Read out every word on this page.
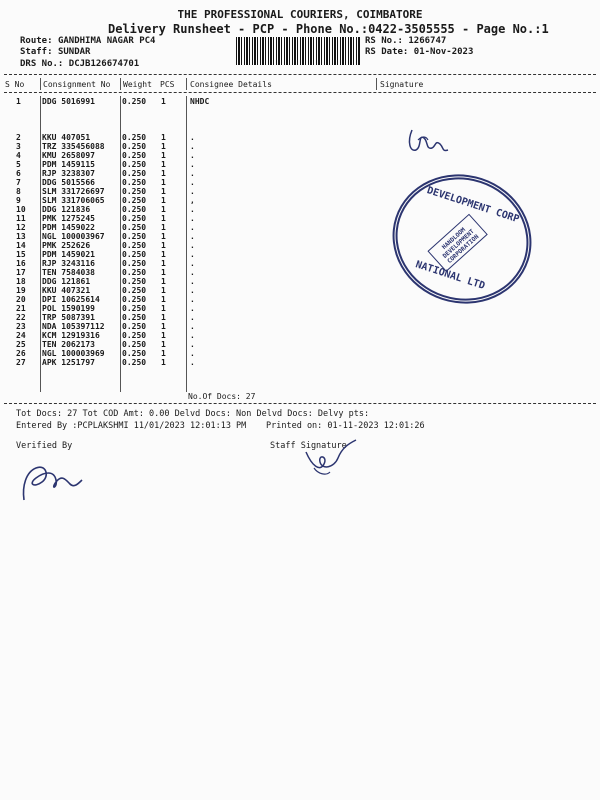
THE PROFESSIONAL COURIERS, COIMBATORE
Delivery Runsheet - PCP - Phone No.:0422-3505555 - Page No.:1
Route: GANDHIMA NAGAR PC4
Staff: SUNDAR
DRS No.: DCJB126674701
RS No.: 1266747
RS Date: 01-Nov-2023
S No Consignment No Weight PCS Consignee Details	Signature
1	DDG 5016991	0.250 1	NHDC
2	KKU 407051	0.250 1	.
3	TRZ 335456088 0.250 1	.
4	KMU 2658097	0.250 1	.
5	PDM 1459115	0.250 1	.
6	RJP 3238307	0.250 1	.
7	DDG 5015566	0.250 1	.
8	SLM 331726697 0.250 1	.
9	SLM 331706065 0.250 1	,
10 DDG 121836	0.250 1	.
11 PMK 1275245	0.250 1	.
12 PDM 1459022	0.250 1	.
13 NGL 100003967 0.250 1	.
14 PMK 252626	0.250 1	.
15 PDM 1459021	0.250 1	.
16 RJP 3243116	0.250 1	.
17 TEN 7584038	0.250 1	.
18 DDG 121861	0.250 1	.
19 KKU 407321	0.250 1	.
20 DPI 10625614	0.250 1	.
21 POL 1590199	0.250 1	.
22 TRP 5087391	0.250 1	.
23 NDA 105397112 0.250 1	.
24 KCM 12919316	0.250 1	.
25 TEN 2062173	0.250 1	.
26 NGL 100003969 0.250 1	.
27 APK 1251797	0.250 1	.
No.Of Docs: 27
Tot Docs: 27 Tot COD Amt: 0.00 Delvd Docs: Non Delvd Docs: Delvy pts:
Entered By :PCPLAKSHMI 11/01/2023 12:01:13 PM Printed on: 01-11-2023 12:01:26
Verified By	Staff Signature
DEVELOPMENT CORP
HANDLOOM DEVELOPMENT CORPORATION
NATIONAL LTD
